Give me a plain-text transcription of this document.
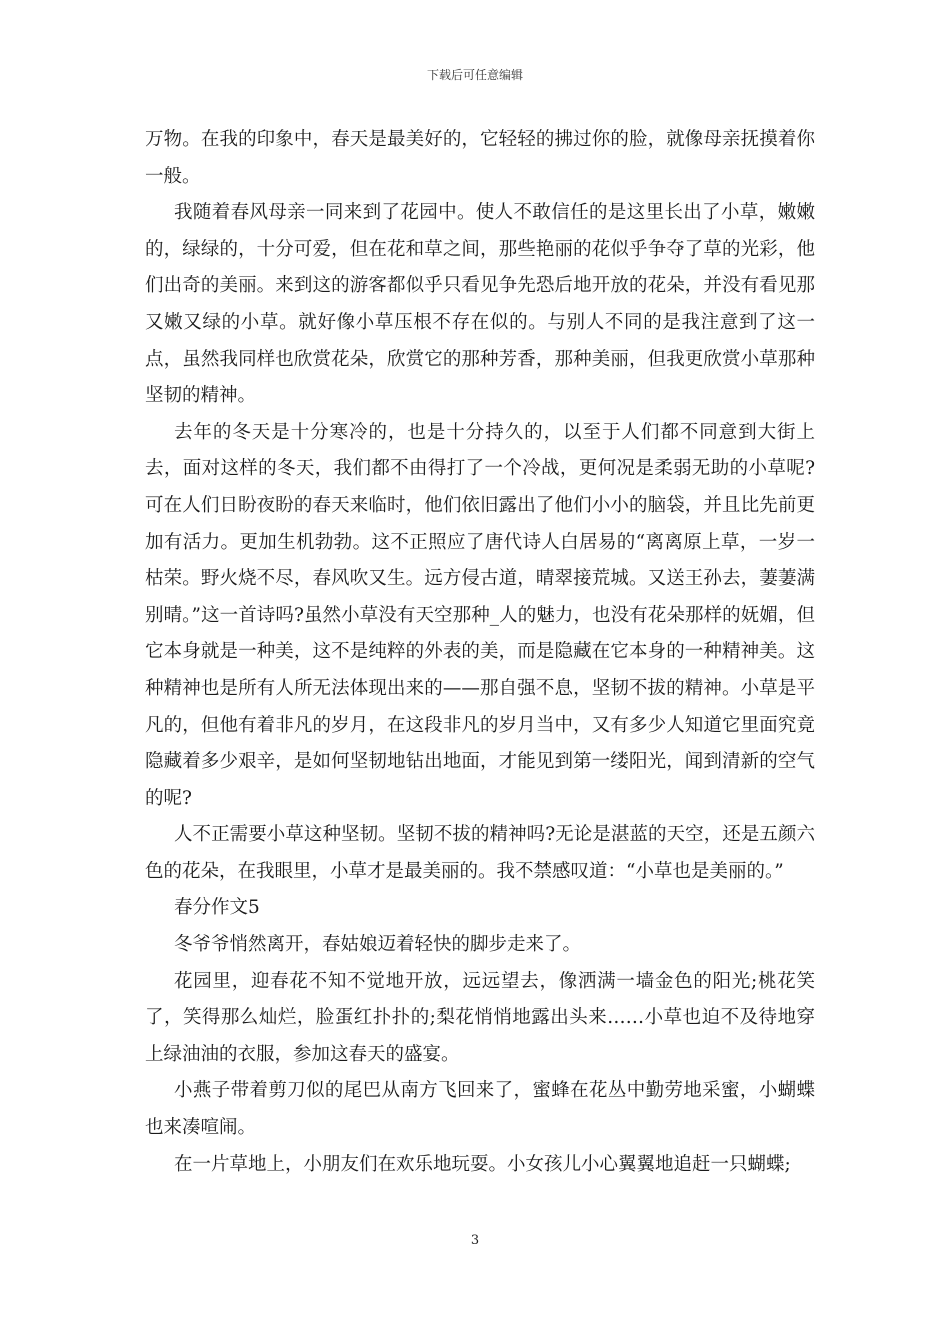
下载后可任意编辑

万物。在我的印象中，春天是最美好的，它轻轻的拂过你的脸，就像母亲抚摸着你一般。

我随着春风母亲一同来到了花园中。使人不敢信任的是这里长出了小草，嫩嫩的，绿绿的，十分可爱，但在花和草之间，那些艳丽的花似乎争夺了草的光彩，他们出奇的美丽。来到这的游客都似乎只看见争先恐后地开放的花朵，并没有看见那又嫩又绿的小草。就好像小草压根不存在似的。与别人不同的是我注意到了这一点，虽然我同样也欣赏花朵，欣赏它的那种芳香，那种美丽，但我更欣赏小草那种坚韧的精神。

去年的冬天是十分寒冷的，也是十分持久的，以至于人们都不同意到大街上去，面对这样的冬天，我们都不由得打了一个冷战，更何况是柔弱无助的小草呢?可在人们日盼夜盼的春天来临时，他们依旧露出了他们小小的脑袋，并且比先前更加有活力。更加生机勃勃。这不正照应了唐代诗人白居易的“离离原上草，一岁一枯荣。野火烧不尽，春风吹又生。远方侵古道，晴翠接荒城。又送王孙去，萋萋满别晴。”这一首诗吗?虽然小草没有天空那种_人的魅力，也没有花朵那样的妩媚，但它本身就是一种美，这不是纯粹的外表的美，而是隐藏在它本身的一种精神美。这种精神也是所有人所无法体现出来的——那自强不息，坚韧不拔的精神。小草是平凡的，但他有着非凡的岁月，在这段非凡的岁月当中，又有多少人知道它里面究竟隐藏着多少艰辛，是如何坚韧地钻出地面，才能见到第一缕阳光，闻到清新的空气的呢?

人不正需要小草这种坚韧。坚韧不拔的精神吗?无论是湛蓝的天空，还是五颜六色的花朵，在我眼里，小草才是最美丽的。我不禁感叹道：“小草也是美丽的。”

春分作文5

冬爷爷悄然离开，春姑娘迈着轻快的脚步走来了。

花园里，迎春花不知不觉地开放，远远望去，像洒满一墙金色的阳光;桃花笑了，笑得那么灿烂，脸蛋红扑扑的;梨花悄悄地露出头来……小草也迫不及待地穿上绿油油的衣服，参加这春天的盛宴。

小燕子带着剪刀似的尾巴从南方飞回来了，蜜蜂在花丛中勤劳地采蜜，小蝴蝶也来凑喧闹。

在一片草地上，小朋友们在欢乐地玩耍。小女孩儿小心翼翼地追赶一只蝴蝶;

3
